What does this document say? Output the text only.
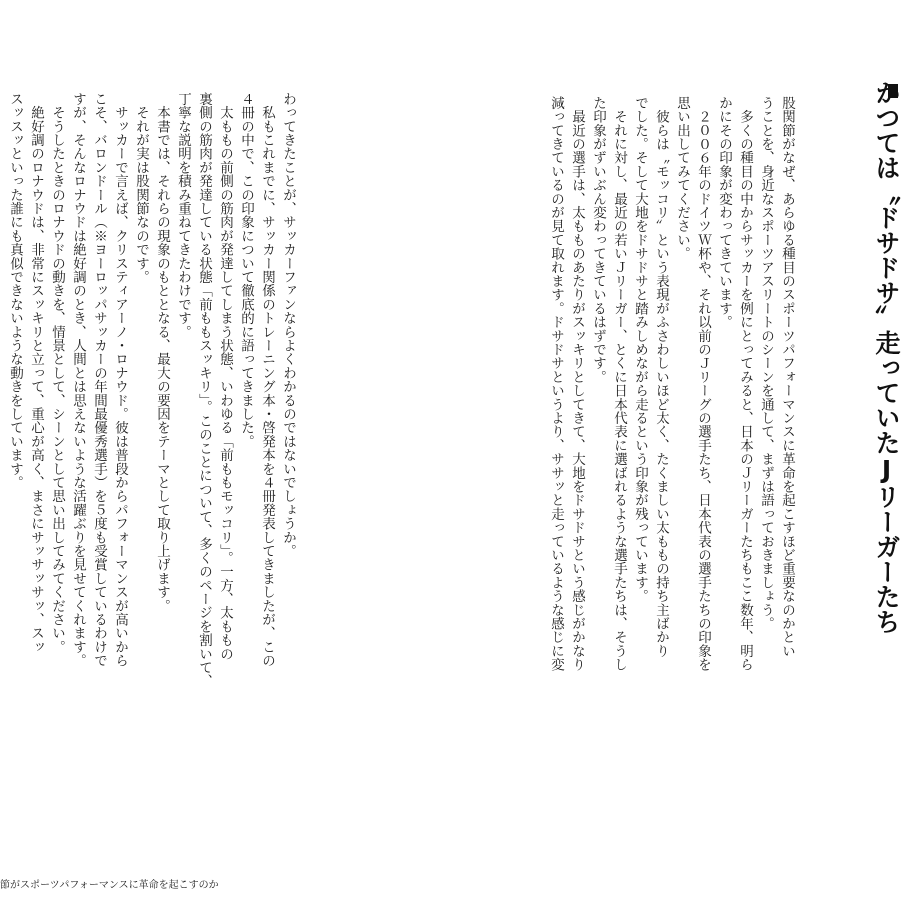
かつては〝ドサドサ〟走っていたJリーガーたち
股関節がなぜ、あらゆる種目のスポーツパフォーマンスに革命を起こすほど重要なのかとい
うことを、身近なスポーツアスリートのシーンを通して、まずは語っておきましょう。
　多くの種目の中からサッカーを例にとってみると、日本のＪリーガーたちもここ数年、明ら
かにその印象が変わってきています。
　２００６年のドイツＷ杯や、それ以前のＪリーグの選手たち、日本代表の選手たちの印象を
思い出してみてください。
　彼らは〝モッコリ〟という表現がふさわしいほど太く、たくましい太ももの持ち主ばかり
でした。そして大地をドサドサと踏みしめながら走るという印象が残っています。
　それに対し、最近の若いＪリーガー、とくに日本代表に選ばれるような選手たちは、そうし
た印象がずいぶん変わってきているはずです。
　最近の選手は、太もものあたりがスッキリとしてきて、大地をドサドサという感じがかなり
減ってきているのが見て取れます。ドサドサというより、ササッと走っているような感じに変
わってきたことが、サッカーファンならよくわかるのではないでしょうか。
　私もこれまでに、サッカー関係のトレーニング本・啓発本を４冊発表してきましたが、この
４冊の中で、この印象について徹底的に語ってきました。
　太ももの前側の筋肉が発達してしまう状態、いわゆる「前ももモッコリ」。一方、太ももの
裏側の筋肉が発達している状態「前ももスッキリ」。このことについて、多くのページを割いて、
丁寧な説明を積み重ねてきたわけです。
　本書では、それらの現象のもととなる、最大の要因をテーマとして取り上げます。
　それが実は股関節なのです。
　サッカーで言えば、クリスティアーノ・ロナウド。彼は普段からパフォーマンスが高いから
こそ、バロンドール（※ヨーロッパサッカーの年間最優秀選手）を５度も受賞しているわけで
すが、そんなロナウドは絶好調のとき、人間とは思えないような活躍ぶりを見せてくれます。
　そうしたときのロナウドの動きを、情景として、シーンとして思い出してみてください。
　絶好調のロナウドは、非常にスッキリと立って、重心が高く、まさにサッサッサッ、スッ
スッスッといった誰にも真似できないような動きをしています。
節がスポーツパフォーマンスに革命を起こすのか
